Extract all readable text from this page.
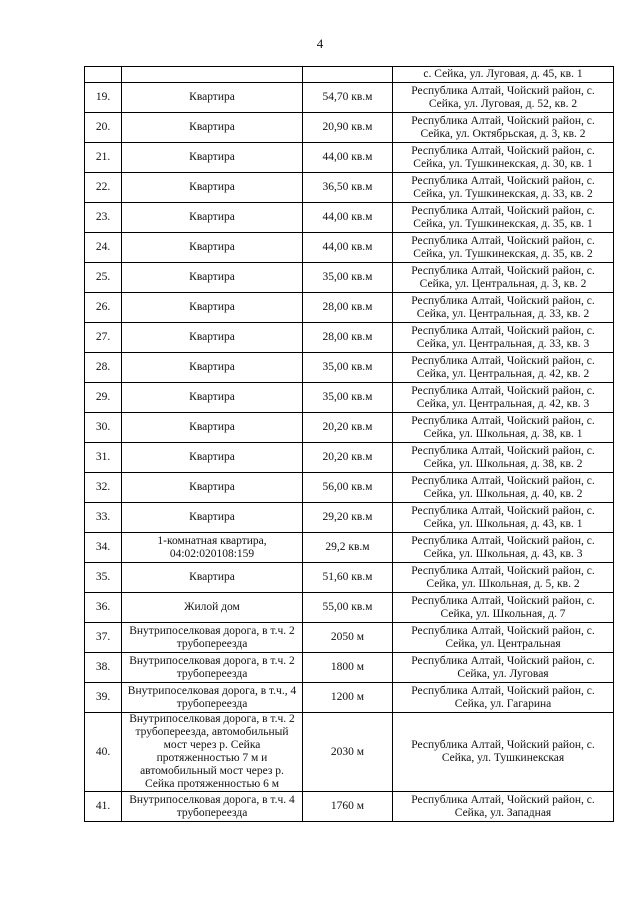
4
			с. Сейка, ул. Луговая, д. 45, кв. 1
19.	Квартира	54,70 кв.м	Республика Алтай, Чойский район, с. Сейка, ул. Луговая, д. 52, кв. 2
20.	Квартира	20,90 кв.м	Республика Алтай, Чойский район, с. Сейка, ул. Октябрьская, д. 3, кв. 2
21.	Квартира	44,00 кв.м	Республика Алтай, Чойский район, с. Сейка, ул. Тушкинекская, д. 30, кв. 1
22.	Квартира	36,50 кв.м	Республика Алтай, Чойский район, с. Сейка, ул. Тушкинекская, д. 33, кв. 2
23.	Квартира	44,00 кв.м	Республика Алтай, Чойский район, с. Сейка, ул. Тушкинекская, д. 35, кв. 1
24.	Квартира	44,00 кв.м	Республика Алтай, Чойский район, с. Сейка, ул. Тушкинекская, д. 35, кв. 2
25.	Квартира	35,00 кв.м	Республика Алтай, Чойский район, с. Сейка, ул. Центральная, д. 3, кв. 2
26.	Квартира	28,00 кв.м	Республика Алтай, Чойский район, с. Сейка, ул. Центральная, д. 33, кв. 2
27.	Квартира	28,00 кв.м	Республика Алтай, Чойский район, с. Сейка, ул. Центральная, д. 33, кв. 3
28.	Квартира	35,00 кв.м	Республика Алтай, Чойский район, с. Сейка, ул. Центральная, д. 42, кв. 2
29.	Квартира	35,00 кв.м	Республика Алтай, Чойский район, с. Сейка, ул. Центральная, д. 42, кв. 3
30.	Квартира	20,20 кв.м	Республика Алтай, Чойский район, с. Сейка, ул. Школьная, д. 38, кв. 1
31.	Квартира	20,20 кв.м	Республика Алтай, Чойский район, с. Сейка, ул. Школьная, д. 38, кв. 2
32.	Квартира	56,00 кв.м	Республика Алтай, Чойский район, с. Сейка, ул. Школьная, д. 40, кв. 2
33.	Квартира	29,20 кв.м	Республика Алтай, Чойский район, с. Сейка, ул. Школьная, д. 43, кв. 1
34.	1-комнатная квартира, 04:02:020108:159	29,2 кв.м	Республика Алтай, Чойский район, с. Сейка, ул. Школьная, д. 43, кв. 3
35.	Квартира	51,60 кв.м	Республика Алтай, Чойский район, с. Сейка, ул. Школьная, д. 5, кв. 2
36.	Жилой дом	55,00 кв.м	Республика Алтай, Чойский район, с. Сейка, ул. Школьная, д. 7
37.	Внутрипоселковая дорога, в т.ч. 2 трубопереезда	2050 м	Республика Алтай, Чойский район, с. Сейка, ул. Центральная
38.	Внутрипоселковая дорога, в т.ч. 2 трубопереезда	1800 м	Республика Алтай, Чойский район, с. Сейка, ул. Луговая
39.	Внутрипоселковая дорога, в т.ч., 4 трубопереезда	1200 м	Республика Алтай, Чойский район, с. Сейка, ул. Гагарина
40.	Внутрипоселковая дорога, в т.ч. 2 трубопереезда, автомобильный мост через р. Сейка протяженностью 7 м и автомобильный мост через р. Сейка протяженностью 6 м	2030 м	Республика Алтай, Чойский район, с. Сейка, ул. Тушкинекская
41.	Внутрипоселковая дорога, в т.ч. 4 трубопереезда	1760 м	Республика Алтай, Чойский район, с. Сейка, ул. Западная
